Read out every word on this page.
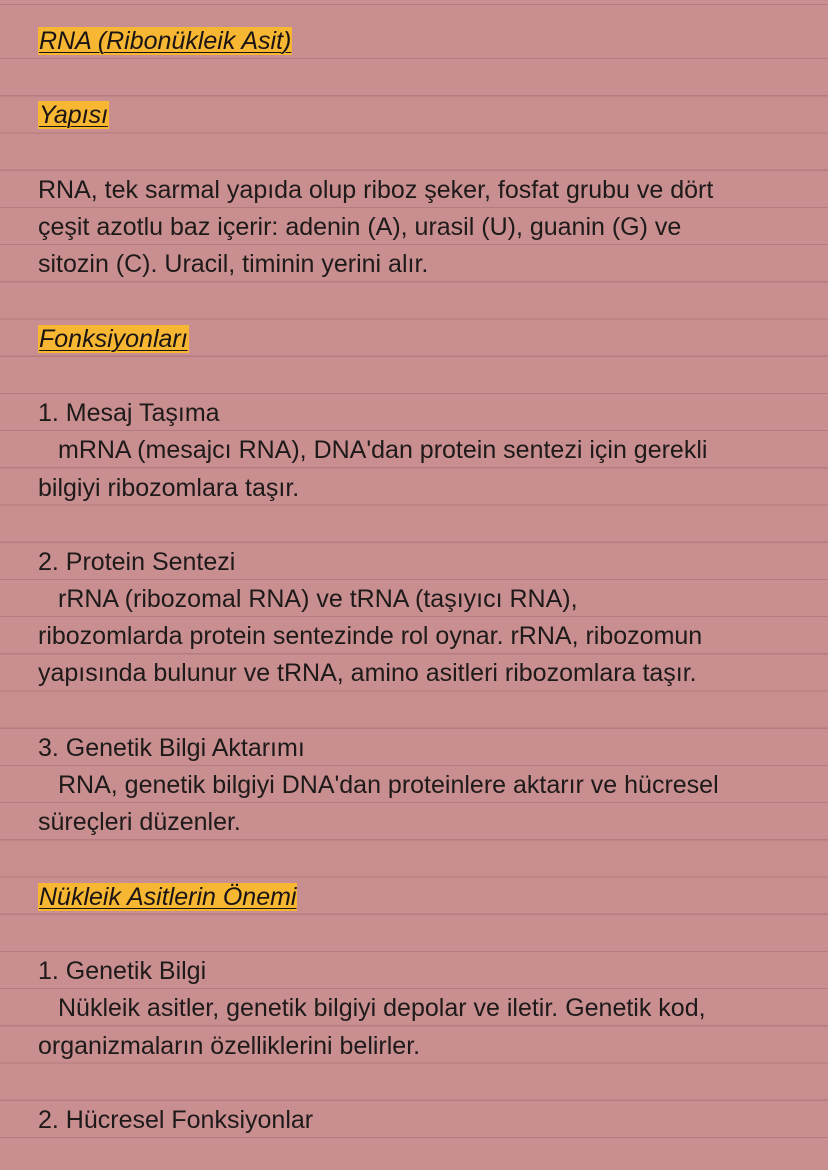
RNA (Ribonükleik Asit)

Yapısı

RNA, tek sarmal yapıda olup riboz şeker, fosfat grubu ve dört

çeşit azotlu baz içerir: adenin (A), urasil (U), guanin (G) ve

sitozin (C). Uracil, timinin yerini alır.

Fonksiyonları

1. Mesaj Taşıma

mRNA (mesajcı RNA), DNA'dan protein sentezi için gerekli

bilgiyi ribozomlara taşır.

2. Protein Sentezi

rRNA (ribozomal RNA) ve tRNA (taşıyıcı RNA),

ribozomlarda protein sentezinde rol oynar. rRNA, ribozomun

yapısında bulunur ve tRNA, amino asitleri ribozomlara taşır.

3. Genetik Bilgi Aktarımı

RNA, genetik bilgiyi DNA'dan proteinlere aktarır ve hücresel

süreçleri düzenler.

Nükleik Asitlerin Önemi

1. Genetik Bilgi

Nükleik asitler, genetik bilgiyi depolar ve iletir. Genetik kod,

organizmaların özelliklerini belirler.

2. Hücresel Fonksiyonlar
